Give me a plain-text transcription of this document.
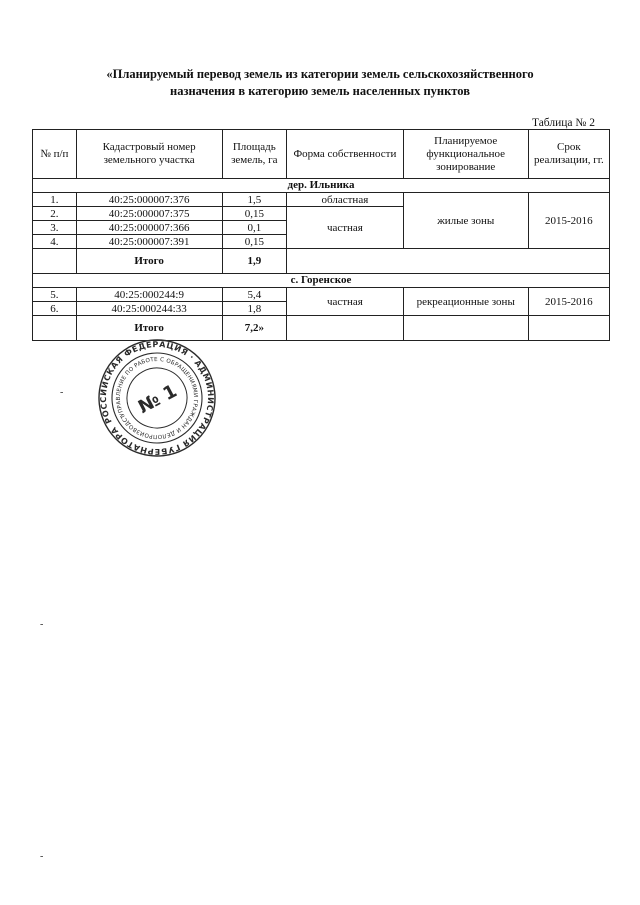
«Планируемый перевод земель из категории земель сельскохозяйственного
назначения в категорию земель населенных пунктов
Таблица № 2
№ п/п	Кадастровый номер земельного участка	Площадь земель, га	Форма собственности	Планируемое функциональное зонирование	Срок реализации, гг.
дер. Ильника					
1.	40:25:000007:376	1,5	областная	жилые зоны	2015-2016
2.	40:25:000007:375	0,15	частная		
3.	40:25:000007:366	0,1			
4.	40:25:000007:391	0,15			
	Итого	1,9			
с. Горенское					
5.	40:25:000244:9	5,4	частная	рекреационные зоны	2015-2016
6.	40:25:000244:33	1,8			
	Итого	7,2»			
РОССИЙСКАЯ ФЕДЕРАЦИЯ · АДМИНИСТРАЦИЯ ГУБЕРНАТОРА
УПРАВЛЕНИЕ ПО РАБОТЕ С ОБРАЩЕНИЯМИ ГРАЖДАН И ДЕЛОПРОИЗВОДСТВУ
№ 1
-
-
-
